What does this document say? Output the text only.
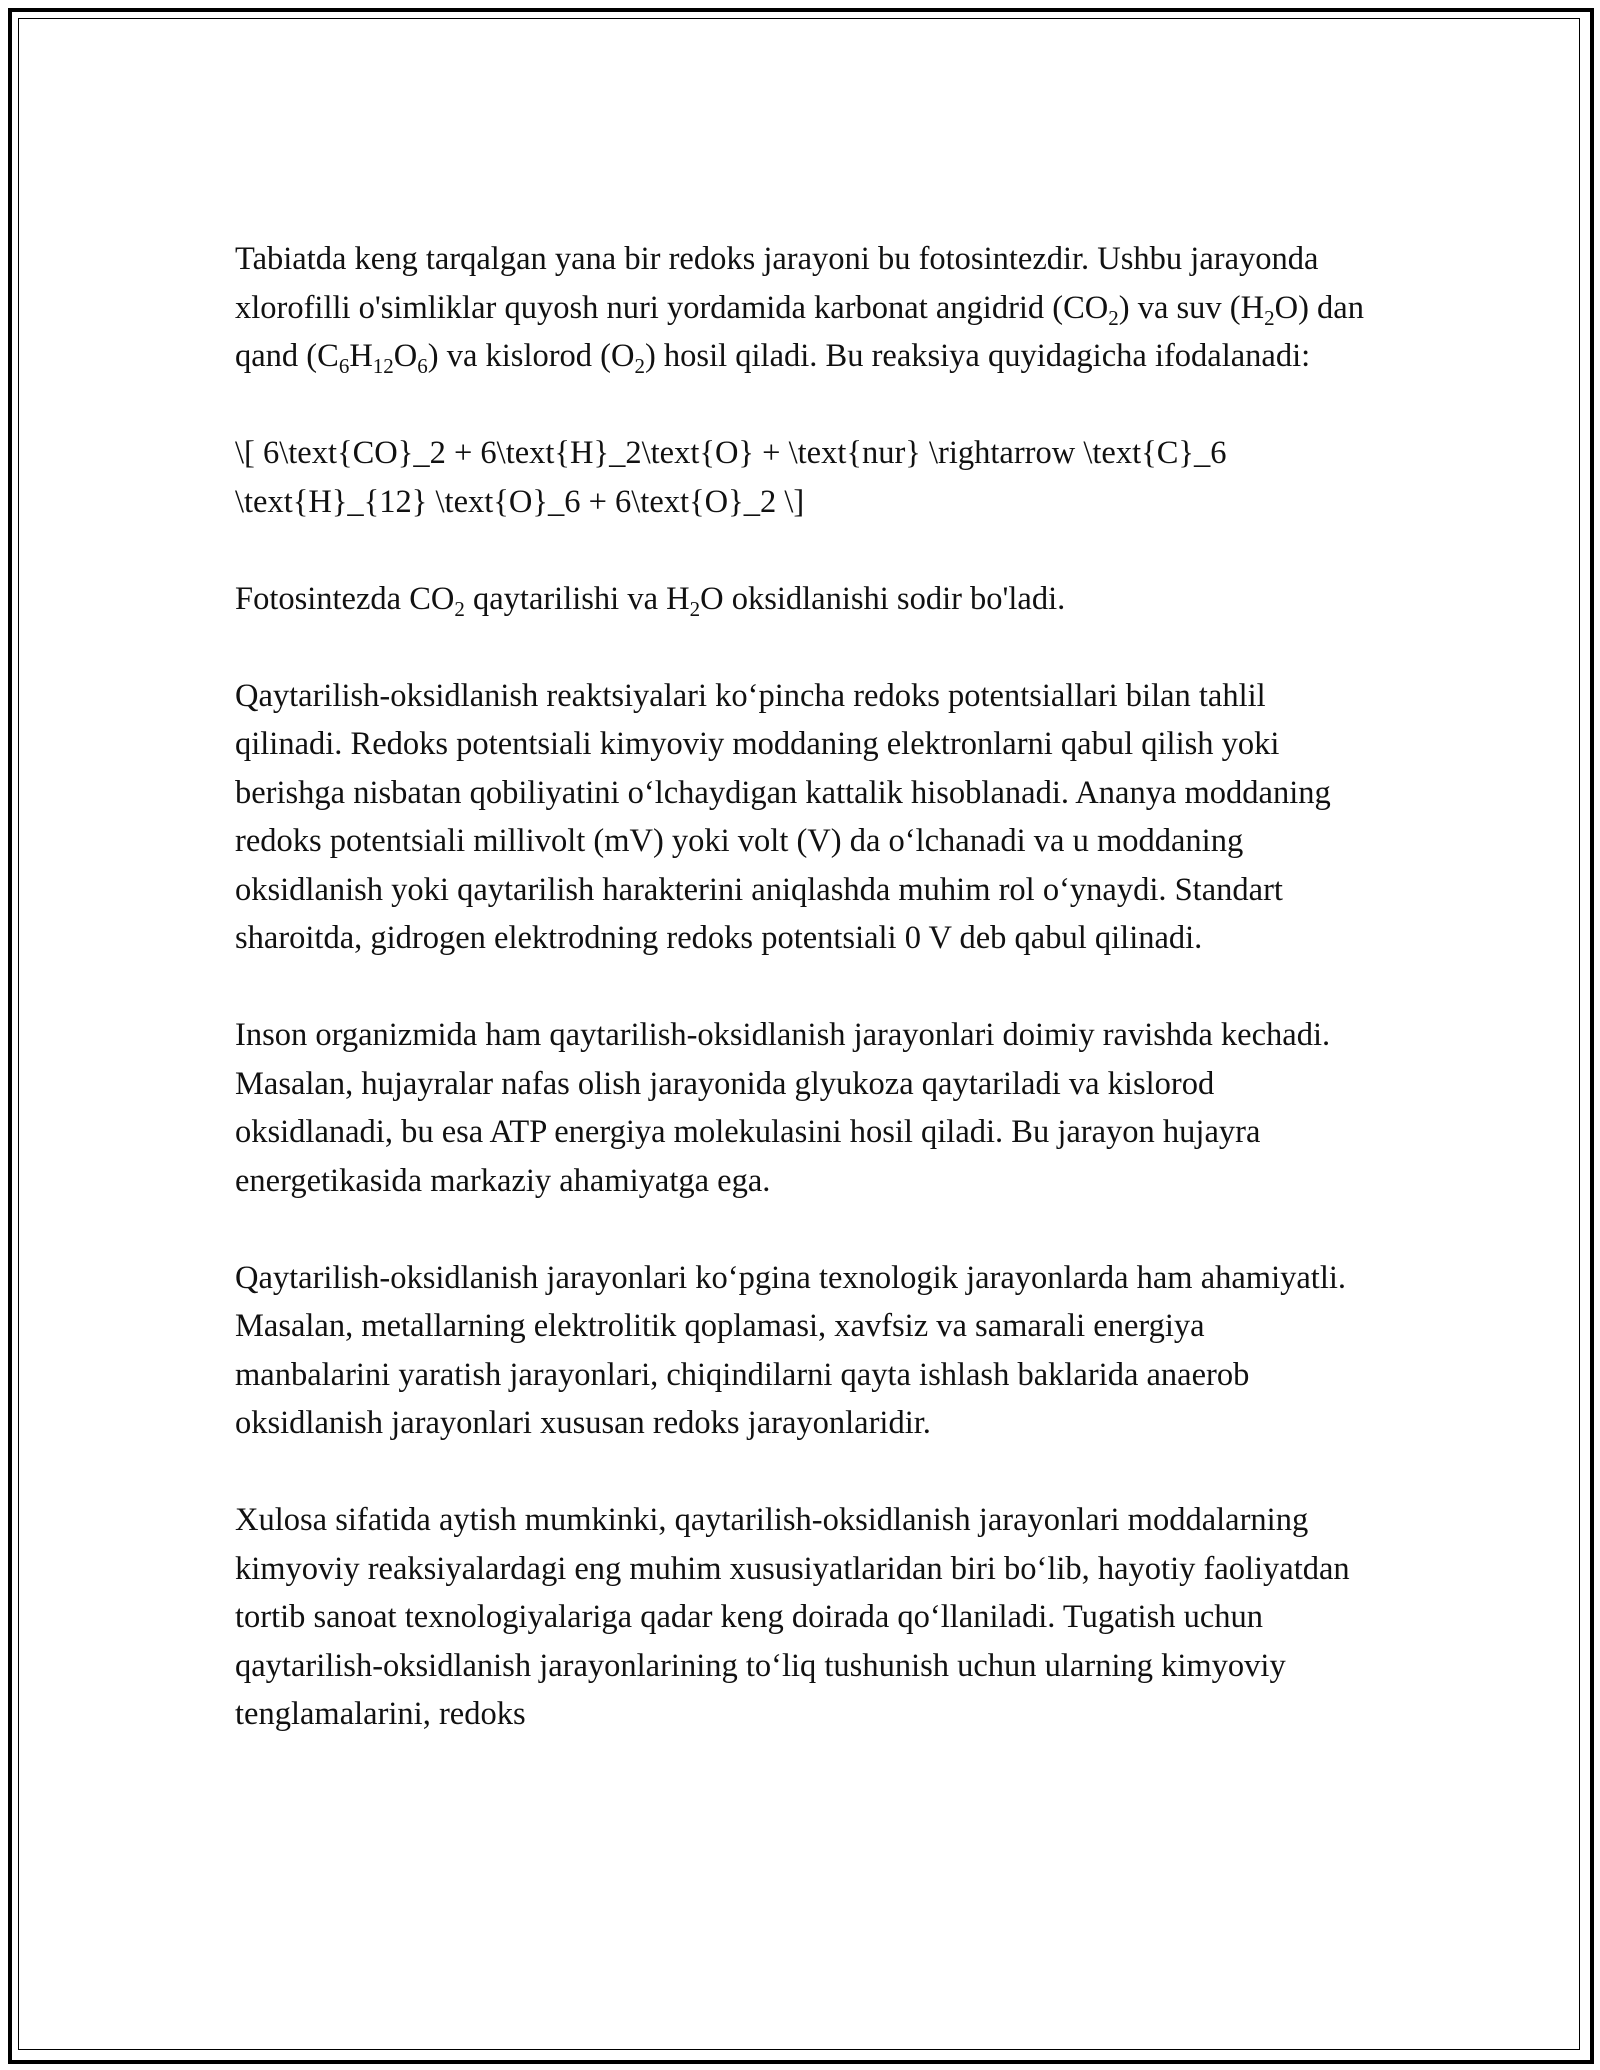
Tabiatda keng tarqalgan yana bir redoks jarayoni bu fotosintezdir. Ushbu jarayonda xlorofilli o'simliklar quyosh nuri yordamida karbonat angidrid $(CO_2)$ va suv $(H_2O)$ dan qand $(C_6H_{12}O_6)$ va kislorod $(O_2)$ hosil qiladi. Bu reaksiya quyidagicha ifodalanadi:

\[ 6\text{CO}_2 + 6\text{H}_2\text{O} + \text{nur} \rightarrow \text{C}_6 \text{H}_{12} \text{O}_6 + 6\text{O}_2 \]

Fotosintezda $CO_2$ qaytarilishi va $H_2O$ oksidlanishi sodir bo'ladi.

Qaytarilish-oksidlanish reaktsiyalari ko‘pincha redoks potentsiallari bilan tahlil qilinadi. Redoks potentsiali kimyoviy moddaning elektronlarni qabul qilish yoki berishga nisbatan qobiliyatini o‘lchaydigan kattalik hisoblanadi. Ananya moddaning redoks potentsiali millivolt (mV) yoki volt (V) da o‘lchanadi va u moddaning oksidlanish yoki qaytarilish harakterini aniqlashda muhim rol o‘ynaydi. Standart sharoitda, gidrogen elektrodning redoks potentsiali 0 V deb qabul qilinadi.

Inson organizmida ham qaytarilish-oksidlanish jarayonlari doimiy ravishda kechadi. Masalan, hujayralar nafas olish jarayonida glyukoza qaytariladi va kislorod oksidlanadi, bu esa ATP energiya molekulasini hosil qiladi. Bu jarayon hujayra energetikasida markaziy ahamiyatga ega.

Qaytarilish-oksidlanish jarayonlari ko‘pgina texnologik jarayonlarda ham ahamiyatli. Masalan, metallarning elektrolitik qoplamasi, xavfsiz va samarali energiya manbalarini yaratish jarayonlari, chiqindilarni qayta ishlash baklarida anaerob oksidlanish jarayonlari xususan redoks jarayonlaridir.

Xulosa sifatida aytish mumkinki, qaytarilish-oksidlanish jarayonlari moddalarning kimyoviy reaksiyalardagi eng muhim xususiyatlaridan biri bo‘lib, hayotiy faoliyatdan tortib sanoat texnologiyalariga qadar keng doirada qo‘llaniladi. Tugatish uchun qaytarilish-oksidlanish jarayonlarining to‘liq tushunish uchun ularning kimyoviy tenglamalarini, redoks
